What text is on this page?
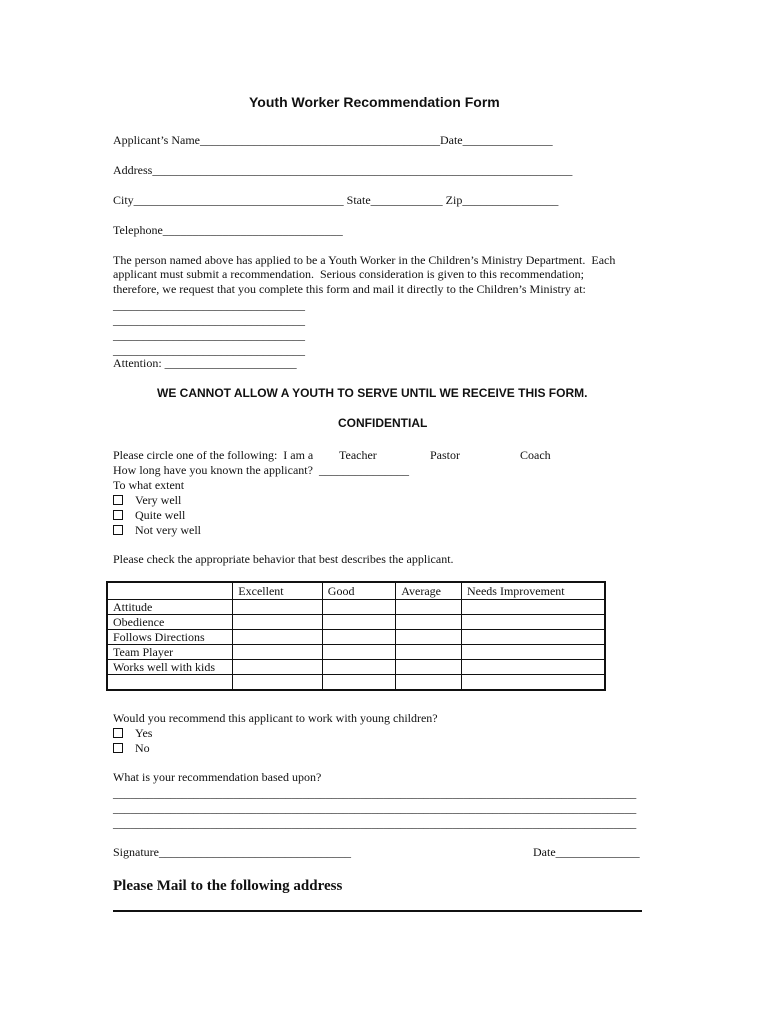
Youth Worker Recommendation Form
Applicant’s Name________________________________________Date_______________
Address______________________________________________________________________
City___________________________________ State____________ Zip________________
Telephone______________________________
The person named above has applied to be a Youth Worker in the Children’s Ministry Department.  Each
applicant must submit a recommendation.  Serious consideration is given to this recommendation;
therefore, we request that you complete this form and mail it directly to the Children’s Ministry at:
________________________________
________________________________
________________________________
________________________________
Attention: ______________________
WE CANNOT ALLOW A YOUTH TO SERVE UNTIL WE RECEIVE THIS FORM.
CONFIDENTIAL
Please circle one of the following:  I am a Teacher	Pastor	Coach
How long have you known the applicant?  _______________
To what extent
Very well
Quite well
Not very well
Please check the appropriate behavior that best describes the applicant.
	Excellent	Good	Average	Needs Improvement
Attitude				
Obedience				
Follows Directions				
Team Player				
Works well with kids				

Would you recommend this applicant to work with young children?
Yes
No
What is your recommendation based upon?
___________________________________________________________________________________________
___________________________________________________________________________________________
___________________________________________________________________________________________
Signature________________________________	Date______________
Please Mail to the following address
